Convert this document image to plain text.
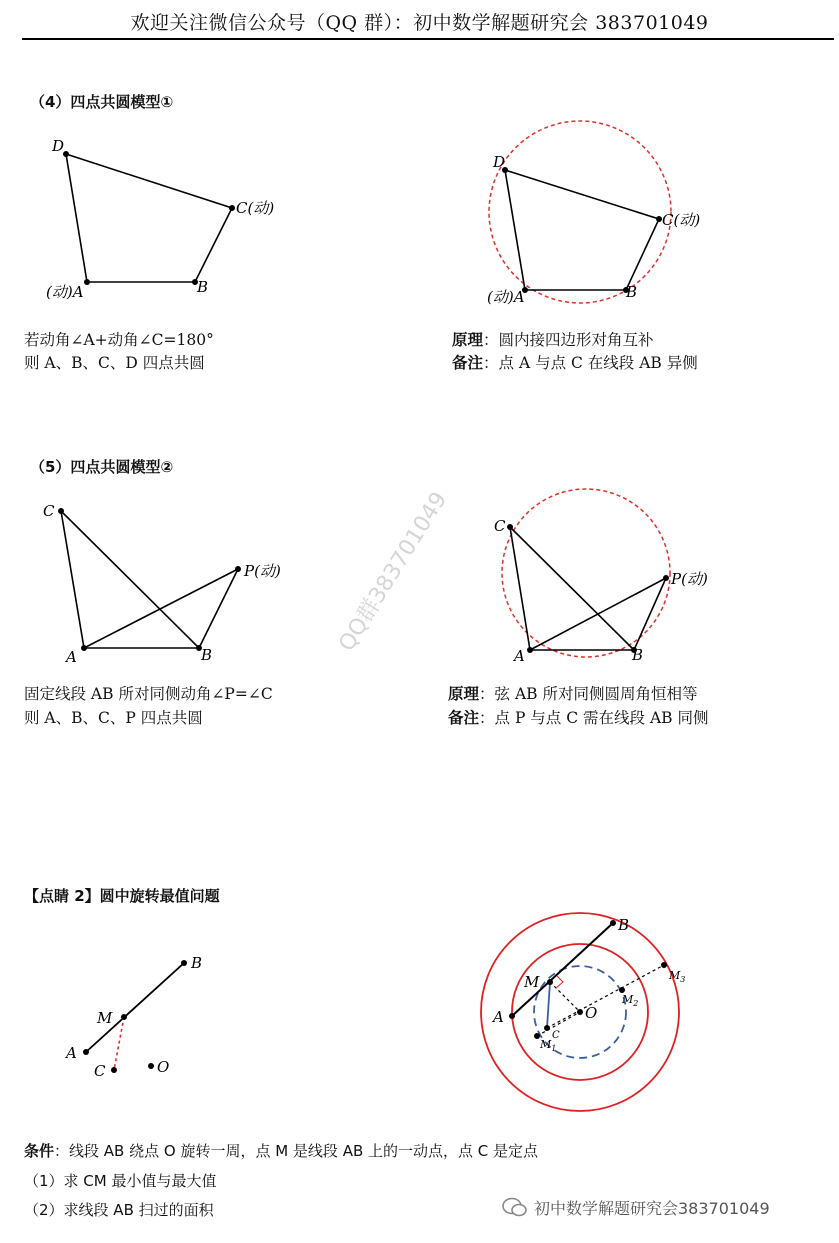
欢迎关注微信公众号（QQ 群）：初中数学解题研究会 383701049
（4）四点共圆模型①
D
C(动)
(动)A	B
D
C(动)
(动)A	B
若动角∠A+动角∠C=180°
则 A、B、C、D 四点共圆
原理：圆内接四边形对角互补
备注：点 A 与点 C 在线段 AB 异侧
（5）四点共圆模型②
C
P(动)
A	B
C
P(动)
A	B
固定线段 AB 所对同侧动角∠P=∠C
则 A、B、C、P 四点共圆
原理：弦 AB 所对同侧圆周角恒相等
备注：点 P 与点 C 需在线段 AB 同侧
QQ群383701049
【点睛 2】圆中旋转最值问题
B
M
A
C	O
B
M
A	O
C
$M_1$
$M_2$
$M_3$
条件：线段 AB 绕点 O 旋转一周，点 M 是线段 AB 上的一动点，点 C 是定点
（1）求 CM 最小值与最大值
（2）求线段 AB 扫过的面积	初中数学解题研究会383701049
